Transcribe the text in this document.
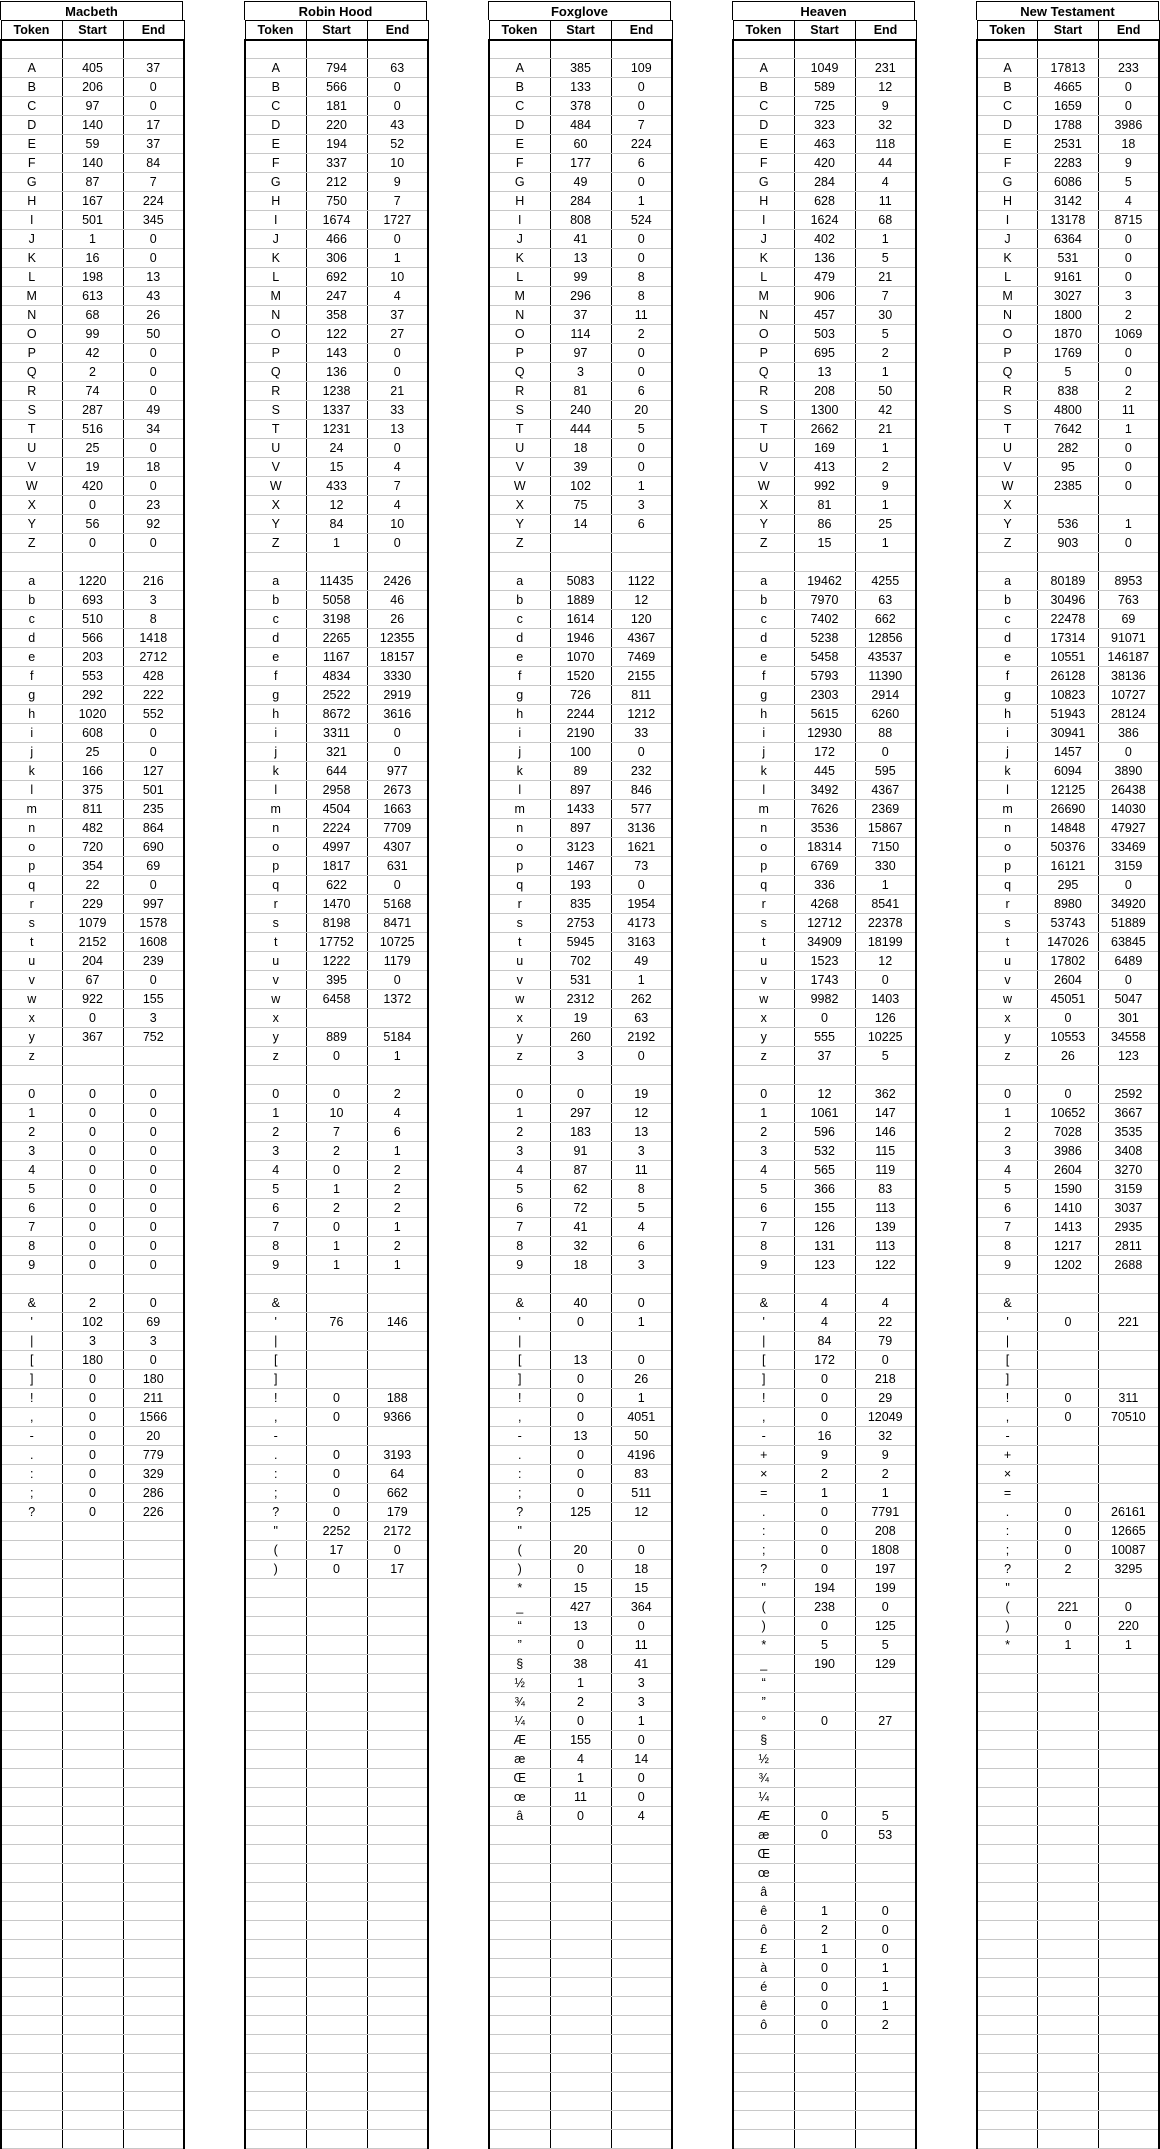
Macbeth
Token	Start	End

A	405	37
B	206	0
C	97	0
D	140	17
E	59	37
F	140	84
G	87	7
H	167	224
I	501	345
J	1	0
K	16	0
L	198	13
M	613	43
N	68	26
O	99	50
P	42	0
Q	2	0
R	74	0
S	287	49
T	516	34
U	25	0
V	19	18
W	420	0
X	0	23
Y	56	92
Z	0	0

a	1220	216
b	693	3
c	510	8
d	566	1418
e	203	2712
f	553	428
g	292	222
h	1020	552
i	608	0
j	25	0
k	166	127
l	375	501
m	811	235
n	482	864
o	720	690
p	354	69
q	22	0
r	229	997
s	1079	1578
t	2152	1608
u	204	239
v	67	0
w	922	155
x	0	3
y	367	752
z		

0	0	0
1	0	0
2	0	0
3	0	0
4	0	0
5	0	0
6	0	0
7	0	0
8	0	0
9	0	0

&	2	0
'	102	69
|	3	3
[	180	0
]	0	180
!	0	211
,	0	1566
-	0	20
.	0	779
:	0	329
;	0	286
?	0	226

Robin Hood
Token	Start	End

A	794	63
B	566	0
C	181	0
D	220	43
E	194	52
F	337	10
G	212	9
H	750	7
I	1674	1727
J	466	0
K	306	1
L	692	10
M	247	4
N	358	37
O	122	27
P	143	0
Q	136	0
R	1238	21
S	1337	33
T	1231	13
U	24	0
V	15	4
W	433	7
X	12	4
Y	84	10
Z	1	0

a	11435	2426
b	5058	46
c	3198	26
d	2265	12355
e	1167	18157
f	4834	3330
g	2522	2919
h	8672	3616
i	3311	0
j	321	0
k	644	977
l	2958	2673
m	4504	1663
n	2224	7709
o	4997	4307
p	1817	631
q	622	0
r	1470	5168
s	8198	8471
t	17752	10725
u	1222	1179
v	395	0
w	6458	1372
x		
y	889	5184
z	0	1

0	0	2
1	10	4
2	7	6
3	2	1
4	0	2
5	1	2
6	2	2
7	0	1
8	1	2
9	1	1

&		
'	76	146
|		
[		
]		
!	0	188
,	0	9366
-		
.	0	3193
:	0	64
;	0	662
?	0	179
"	2252	2172
(	17	0
)	0	17

Foxglove
Token	Start	End

A	385	109
B	133	0
C	378	0
D	484	7
E	60	224
F	177	6
G	49	0
H	284	1
I	808	524
J	41	0
K	13	0
L	99	8
M	296	8
N	37	11
O	114	2
P	97	0
Q	3	0
R	81	6
S	240	20
T	444	5
U	18	0
V	39	0
W	102	1
X	75	3
Y	14	6
Z		

a	5083	1122
b	1889	12
c	1614	120
d	1946	4367
e	1070	7469
f	1520	2155
g	726	811
h	2244	1212
i	2190	33
j	100	0
k	89	232
l	897	846
m	1433	577
n	897	3136
o	3123	1621
p	1467	73
q	193	0
r	835	1954
s	2753	4173
t	5945	3163
u	702	49
v	531	1
w	2312	262
x	19	63
y	260	2192
z	3	0

0	0	19
1	297	12
2	183	13
3	91	3
4	87	11
5	62	8
6	72	5
7	41	4
8	32	6
9	18	3

&	40	0
'	0	1
|		
[	13	0
]	0	26
!	0	1
,	0	4051
-	13	50
.	0	4196
:	0	83
;	0	511
?	125	12
"		
(	20	0
)	0	18
*	15	15
_	427	364
“	13	0
”	0	11
§	38	41
½	1	3
¾	2	3
¼	0	1
Æ	155	0
æ	4	14
Œ	1	0
œ	11	0
â	0	4

Heaven
Token	Start	End

A	1049	231
B	589	12
C	725	9
D	323	32
E	463	118
F	420	44
G	284	4
H	628	11
I	1624	68
J	402	1
K	136	5
L	479	21
M	906	7
N	457	30
O	503	5
P	695	2
Q	13	1
R	208	50
S	1300	42
T	2662	21
U	169	1
V	413	2
W	992	9
X	81	1
Y	86	25
Z	15	1

a	19462	4255
b	7970	63
c	7402	662
d	5238	12856
e	5458	43537
f	5793	11390
g	2303	2914
h	5615	6260
i	12930	88
j	172	0
k	445	595
l	3492	4367
m	7626	2369
n	3536	15867
o	18314	7150
p	6769	330
q	336	1
r	4268	8541
s	12712	22378
t	34909	18199
u	1523	12
v	1743	0
w	9982	1403
x	0	126
y	555	10225
z	37	5

0	12	362
1	1061	147
2	596	146
3	532	115
4	565	119
5	366	83
6	155	113
7	126	139
8	131	113
9	123	122

&	4	4
'	4	22
|	84	79
[	172	0
]	0	218
!	0	29
,	0	12049
-	16	32
+	9	9
×	2	2
=	1	1
.	0	7791
:	0	208
;	0	1808
?	0	197
"	194	199
(	238	0
)	0	125
*	5	5
_	190	129
“		
”		
°	0	27
§		
½		
¾		
¼		
Æ	0	5
æ	0	53
Œ		
œ		
â		
ê	1	0
ô	2	0
£	1	0
à	0	1
é	0	1
ê	0	1
ô	0	2

New Testament
Token	Start	End

A	17813	233
B	4665	0
C	1659	0
D	1788	3986
E	2531	18
F	2283	9
G	6086	5
H	3142	4
I	13178	8715
J	6364	0
K	531	0
L	9161	0
M	3027	3
N	1800	2
O	1870	1069
P	1769	0
Q	5	0
R	838	2
S	4800	11
T	7642	1
U	282	0
V	95	0
W	2385	0
X		
Y	536	1
Z	903	0

a	80189	8953
b	30496	763
c	22478	69
d	17314	91071
e	10551	146187
f	26128	38136
g	10823	10727
h	51943	28124
i	30941	386
j	1457	0
k	6094	3890
l	12125	26438
m	26690	14030
n	14848	47927
o	50376	33469
p	16121	3159
q	295	0
r	8980	34920
s	53743	51889
t	147026	63845
u	17802	6489
v	2604	0
w	45051	5047
x	0	301
y	10553	34558
z	26	123

0	0	2592
1	10652	3667
2	7028	3535
3	3986	3408
4	2604	3270
5	1590	3159
6	1410	3037
7	1413	2935
8	1217	2811
9	1202	2688

&		
'	0	221
|		
[		
]		
!	0	311
,	0	70510
-		
+		
×		
=		
.	0	26161
:	0	12665
;	0	10087
?	2	3295
"		
(	221	0
)	0	220
*	1	1
